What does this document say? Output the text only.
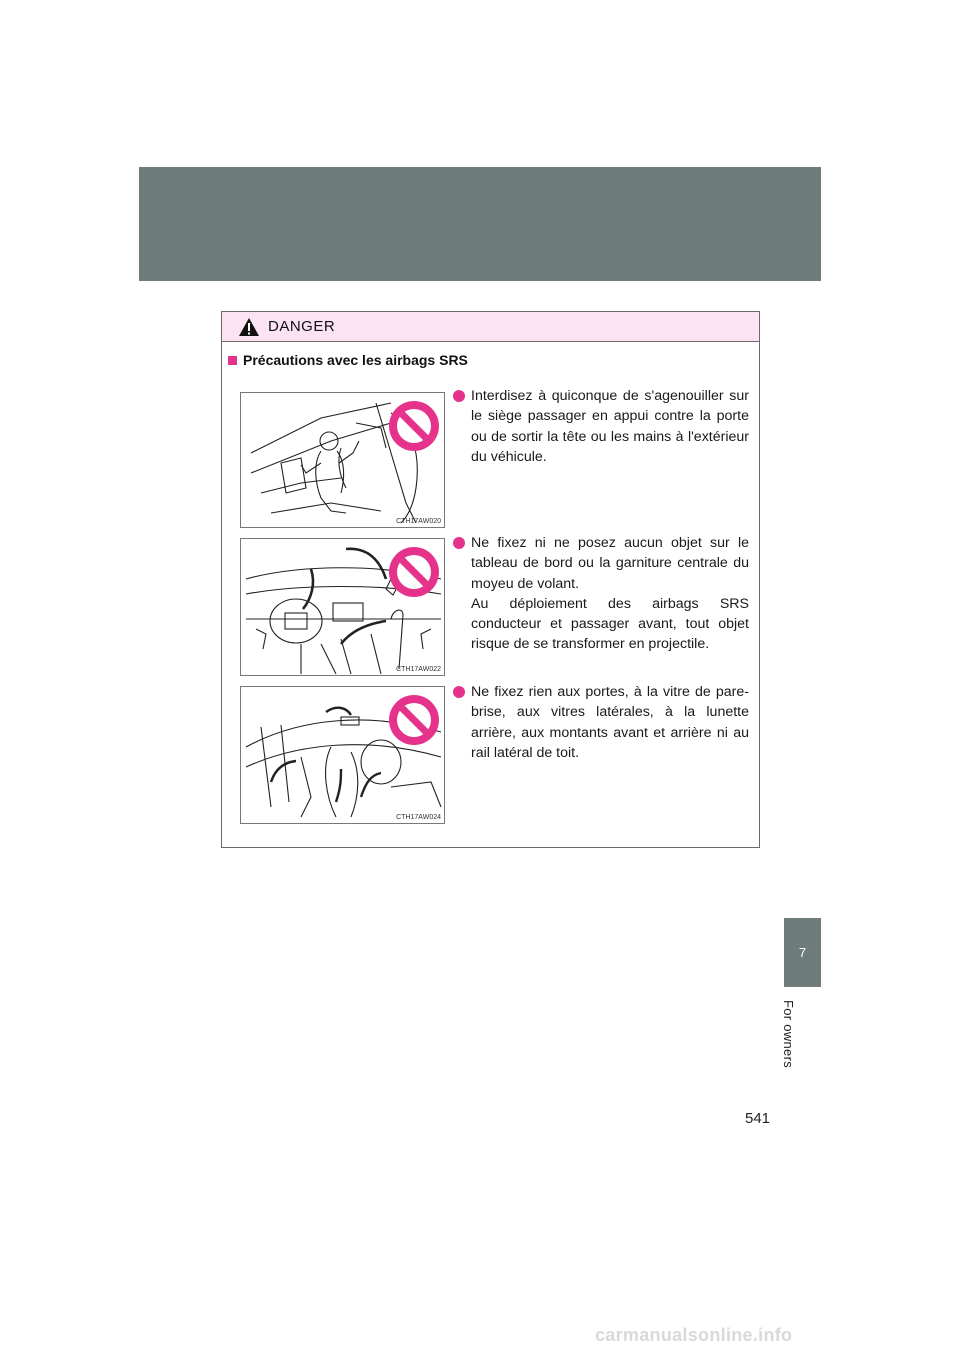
DANGER
Précautions avec les airbags SRS
CTH17AW020
CTH17AW022
CTH17AW024
Interdisez à quiconque de s'agenouiller sur le siège passager en appui contre la porte ou de sortir la tête ou les mains à l'extérieur du véhicule.
Ne fixez ni ne posez aucun objet sur le tableau de bord ou la garniture centrale du moyeu de volant.
Au déploiement des airbags SRS conducteur et passager avant, tout objet risque de se transformer en projectile.
Ne fixez rien aux portes, à la vitre de pare-brise, aux vitres latérales, à la lunette arrière, aux montants avant et arrière ni au rail latéral de toit.
7
For owners
541
carmanualsonline.info
